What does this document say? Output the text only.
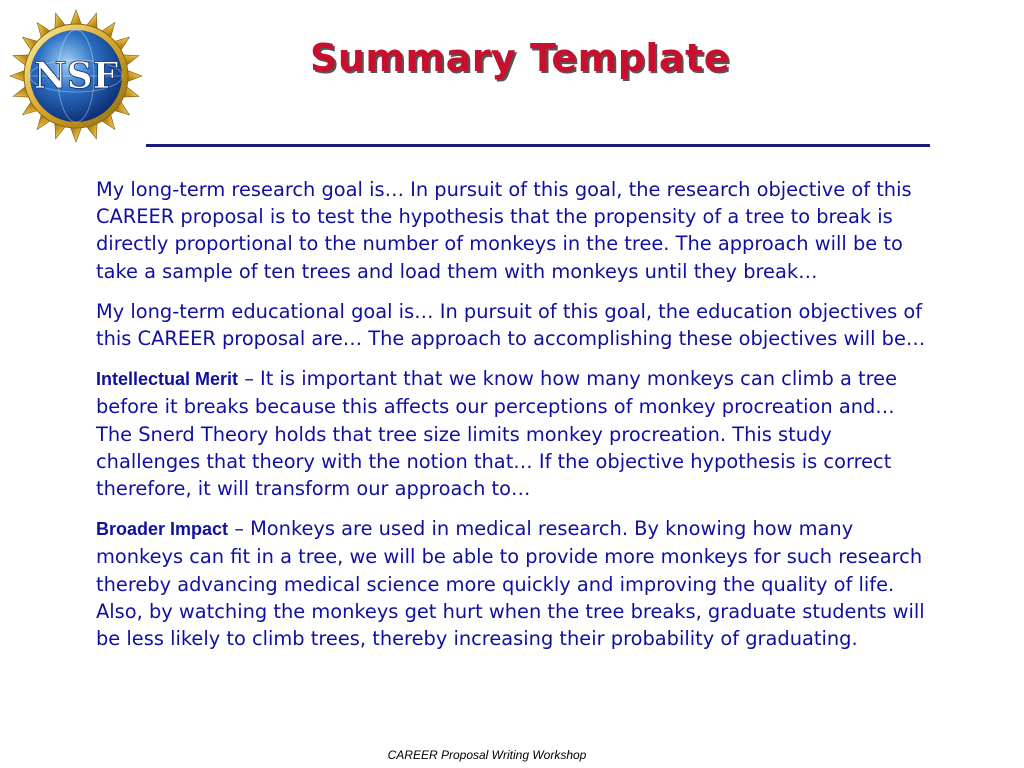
NSF	Summary Template

My long-term research goal is… In pursuit of this goal, the research objective of this CAREER proposal is to test the hypothesis that the propensity of a tree to break is directly proportional to the number of monkeys in the tree. The approach will be to take a sample of ten trees and load them with monkeys until they break…

My long-term educational goal is… In pursuit of this goal, the education objectives of this CAREER proposal are… The approach to accomplishing these objectives will be…

Intellectual Merit – It is important that we know how many monkeys can climb a tree before it breaks because this affects our perceptions of monkey procreation and… The Snerd Theory holds that tree size limits monkey procreation. This study challenges that theory with the notion that… If the objective hypothesis is correct therefore, it will transform our approach to…

Broader Impact – Monkeys are used in medical research. By knowing how many monkeys can fit in a tree, we will be able to provide more monkeys for such research thereby advancing medical science more quickly and improving the quality of life. Also, by watching the monkeys get hurt when the tree breaks, graduate students will be less likely to climb trees, thereby increasing their probability of graduating.

CAREER Proposal Writing Workshop
